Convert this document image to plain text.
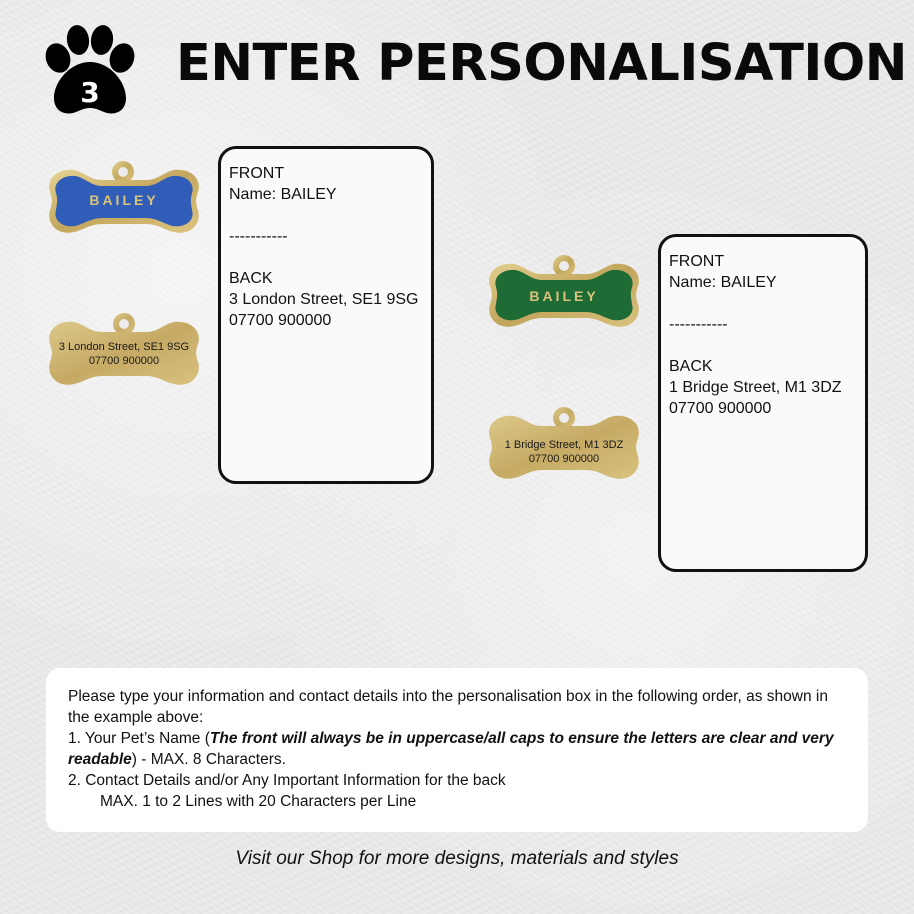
3 ENTER PERSONALISATION
BAILEY
3 London Street, SE1 9SG
07700 900000
FRONT
Name: BAILEY
-----------
BACK
3 London Street, SE1 9SG
07700 900000
BAILEY
1 Bridge Street, M1 3DZ
07700 900000
FRONT
Name: BAILEY
-----------
BACK
1 Bridge Street, M1 3DZ
07700 900000

Please type your information and contact details into the personalisation box in the following order, as shown in the example above:

1. Your Pet’s Name (The front will always be in uppercase/all caps to ensure the letters are clear and very readable) - MAX. 8 Characters.

2. Contact Details and/or Any Important Information for the back

MAX. 1 to 2 Lines with 20 Characters per Line

Visit our Shop for more designs, materials and styles
